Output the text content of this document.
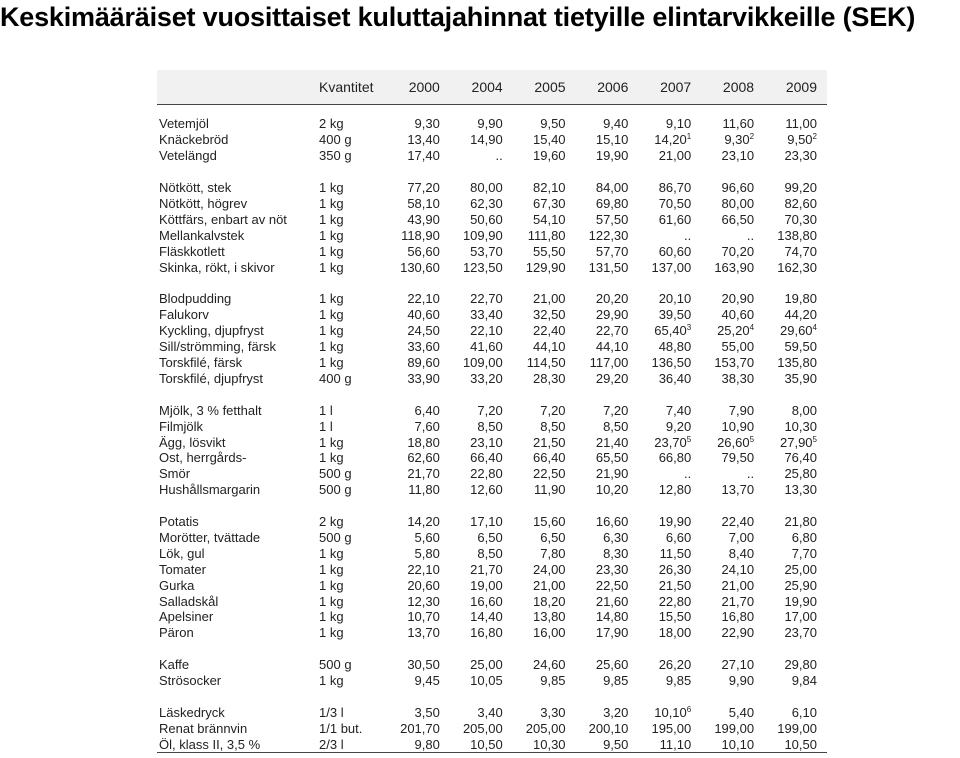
Keskimääräiset vuosittaiset kuluttajahinnat tietyille elintarvikkeille (SEK)
	Kvantitet	2000	2004	2005	2006	2007	2008	2009

Vetemjöl	2 kg	9,30	9,90	9,50	9,40	9,10	11,60	11,00
Knäckebröd	400 g	13,40	14,90	15,40	15,10	14,20$^1$	9,30$^2$	9,50$^2$
Vetelängd	350 g	17,40	..	19,60	19,90	21,00	23,10	23,30

Nötkött, stek	1 kg	77,20	80,00	82,10	84,00	86,70	96,60	99,20
Nötkött, högrev	1 kg	58,10	62,30	67,30	69,80	70,50	80,00	82,60
Köttfärs, enbart av nöt	1 kg	43,90	50,60	54,10	57,50	61,60	66,50	70,30
Mellankalvstek	1 kg	118,90	109,90	111,80	122,30	..	..	138,80
Fläskkotlett	1 kg	56,60	53,70	55,50	57,70	60,60	70,20	74,70
Skinka, rökt, i skivor	1 kg	130,60	123,50	129,90	131,50	137,00	163,90	162,30

Blodpudding	1 kg	22,10	22,70	21,00	20,20	20,10	20,90	19,80
Falukorv	1 kg	40,60	33,40	32,50	29,90	39,50	40,60	44,20
Kyckling, djupfryst	1 kg	24,50	22,10	22,40	22,70	65,40$^3$	25,20$^4$	29,60$^4$
Sill/strömming, färsk	1 kg	33,60	41,60	44,10	44,10	48,80	55,00	59,50
Torskfilé, färsk	1 kg	89,60	109,00	114,50	117,00	136,50	153,70	135,80
Torskfilé, djupfryst	400 g	33,90	33,20	28,30	29,20	36,40	38,30	35,90

Mjölk, 3 % fetthalt	1 l	6,40	7,20	7,20	7,20	7,40	7,90	8,00
Filmjölk	1 l	7,60	8,50	8,50	8,50	9,20	10,90	10,30
Ägg, lösvikt	1 kg	18,80	23,10	21,50	21,40	23,70$^5$	26,60$^5$	27,90$^5$
Ost, herrgårds-	1 kg	62,60	66,40	66,40	65,50	66,80	79,50	76,40
Smör	500 g	21,70	22,80	22,50	21,90	..	..	25,80
Hushållsmargarin	500 g	11,80	12,60	11,90	10,20	12,80	13,70	13,30

Potatis	2 kg	14,20	17,10	15,60	16,60	19,90	22,40	21,80
Morötter, tvättade	500 g	5,60	6,50	6,50	6,30	6,60	7,00	6,80
Lök, gul	1 kg	5,80	8,50	7,80	8,30	11,50	8,40	7,70
Tomater	1 kg	22,10	21,70	24,00	23,30	26,30	24,10	25,00
Gurka	1 kg	20,60	19,00	21,00	22,50	21,50	21,00	25,90
Salladskål	1 kg	12,30	16,60	18,20	21,60	22,80	21,70	19,90
Apelsiner	1 kg	10,70	14,40	13,80	14,80	15,50	16,80	17,00
Päron	1 kg	13,70	16,80	16,00	17,90	18,00	22,90	23,70

Kaffe	500 g	30,50	25,00	24,60	25,60	26,20	27,10	29,80
Strösocker	1 kg	9,45	10,05	9,85	9,85	9,85	9,90	9,84

Läskedryck	1/3 l	3,50	3,40	3,30	3,20	10,10$^6$	5,40	6,10
Renat brännvin	1/1 but.	201,70	205,00	205,00	200,10	195,00	199,00	199,00
Öl, klass II, 3,5 %	2/3 l	9,80	10,50	10,30	9,50	11,10	10,10	10,50
